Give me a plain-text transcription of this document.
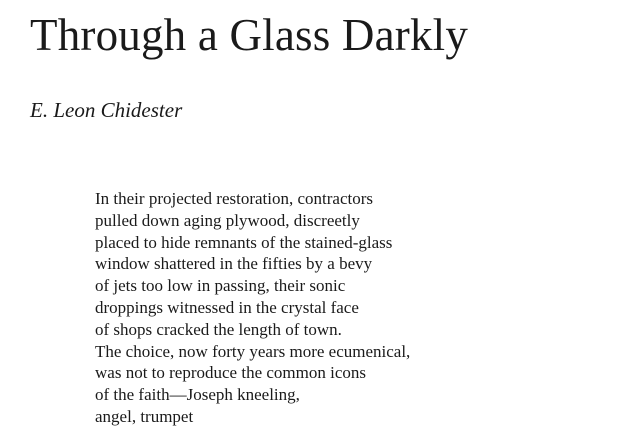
Through a Glass Darkly

E. Leon Chidester

In their projected restoration, contractors
pulled down aging plywood, discreetly
placed to hide remnants of the stained-glass
window shattered in the fifties by a bevy
of jets too low in passing, their sonic
droppings witnessed in the crystal face
of shops cracked the length of town.
The choice, now forty years more ecumenical,
was not to reproduce the common icons
of the faith—Joseph kneeling,
angel, trumpet
